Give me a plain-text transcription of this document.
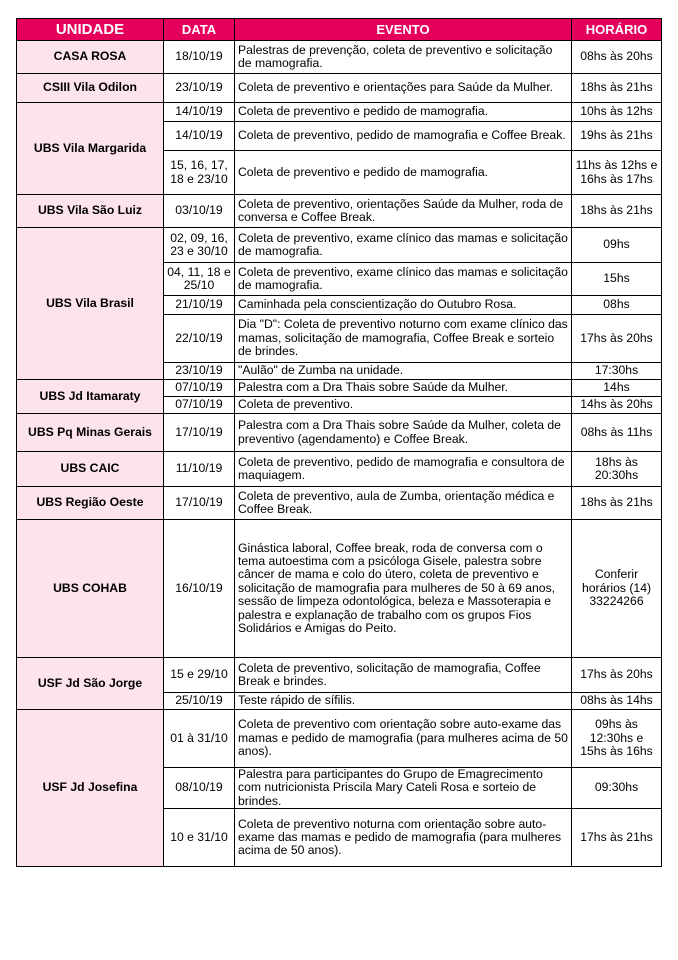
UNIDADE	DATA	EVENTO	HORÁRIO
CASA ROSA	18/10/19	Palestras de prevenção, coleta de preventivo e solicitação de mamografia.	08hs às 20hs
CSIII Vila Odilon	23/10/19	Coleta de preventivo e orientações para Saúde da Mulher.	18hs às 21hs
UBS Vila Margarida	14/10/19	Coleta de preventivo e pedido de mamografia.	10hs às 12hs
	14/10/19	Coleta de preventivo, pedido de mamografia e Coffee Break.	19hs às 21hs
	15, 16, 17, 18 e 23/10	Coleta de preventivo e pedido de mamografia.	11hs às 12hs e 16hs às 17hs
UBS Vila São Luiz	03/10/19	Coleta de preventivo, orientações Saúde da Mulher, roda de conversa e Coffee Break.	18hs às 21hs
UBS Vila Brasil	02, 09, 16, 23 e 30/10	Coleta de preventivo, exame clínico das mamas e solicitação de mamografia.	09hs
	04, 11, 18 e 25/10	Coleta de preventivo, exame clínico das mamas e solicitação de mamografia.	15hs
	21/10/19	Caminhada pela conscientização do Outubro Rosa.	08hs
	22/10/19	Dia "D": Coleta de preventivo noturno com exame clínico das mamas, solicitação de mamografia, Coffee Break e sorteio de brindes.	17hs às 20hs
	23/10/19	"Aulão" de Zumba na unidade.	17:30hs
UBS Jd Itamaraty	07/10/19	Palestra com a Dra Thais sobre Saúde da Mulher.	14hs
	07/10/19	Coleta de preventivo.	14hs às 20hs
UBS Pq Minas Gerais	17/10/19	Palestra com a Dra Thais sobre Saúde da Mulher, coleta de preventivo (agendamento) e Coffee Break.	08hs às 11hs
UBS CAIC	11/10/19	Coleta de preventivo, pedido de mamografia e consultora de maquiagem.	18hs às 20:30hs
UBS Região Oeste	17/10/19	Coleta de preventivo, aula de Zumba, orientação médica e Coffee Break.	18hs às 21hs
UBS COHAB	16/10/19	Ginástica laboral, Coffee break, roda de conversa com o tema autoestima com a psicóloga Gisele, palestra sobre câncer de mama e colo do útero, coleta de preventivo e solicitação de mamografia para mulheres de 50 à 69 anos, sessão de limpeza odontológica, beleza e Massoterapia e palestra e explanação de trabalho com os grupos Fios Solidários e Amigas do Peito.	Conferir horários (14) 33224266
USF Jd São Jorge	15 e 29/10	Coleta de preventivo, solicitação de mamografia, Coffee Break e brindes.	17hs às 20hs
	25/10/19	Teste rápido de sífilis.	08hs às 14hs
USF Jd Josefina	01 à 31/10	Coleta de preventivo com orientação sobre auto-exame das mamas e pedido de mamografia (para mulheres acima de 50 anos).	09hs às 12:30hs e 15hs às 16hs
	08/10/19	Palestra para participantes do Grupo de Emagrecimento com nutricionista Priscila Mary Cateli Rosa e sorteio de brindes.	09:30hs
	10 e 31/10	Coleta de preventivo noturna com orientação sobre auto-exame das mamas e pedido de mamografia (para mulheres acima de 50 anos).	17hs às 21hs
